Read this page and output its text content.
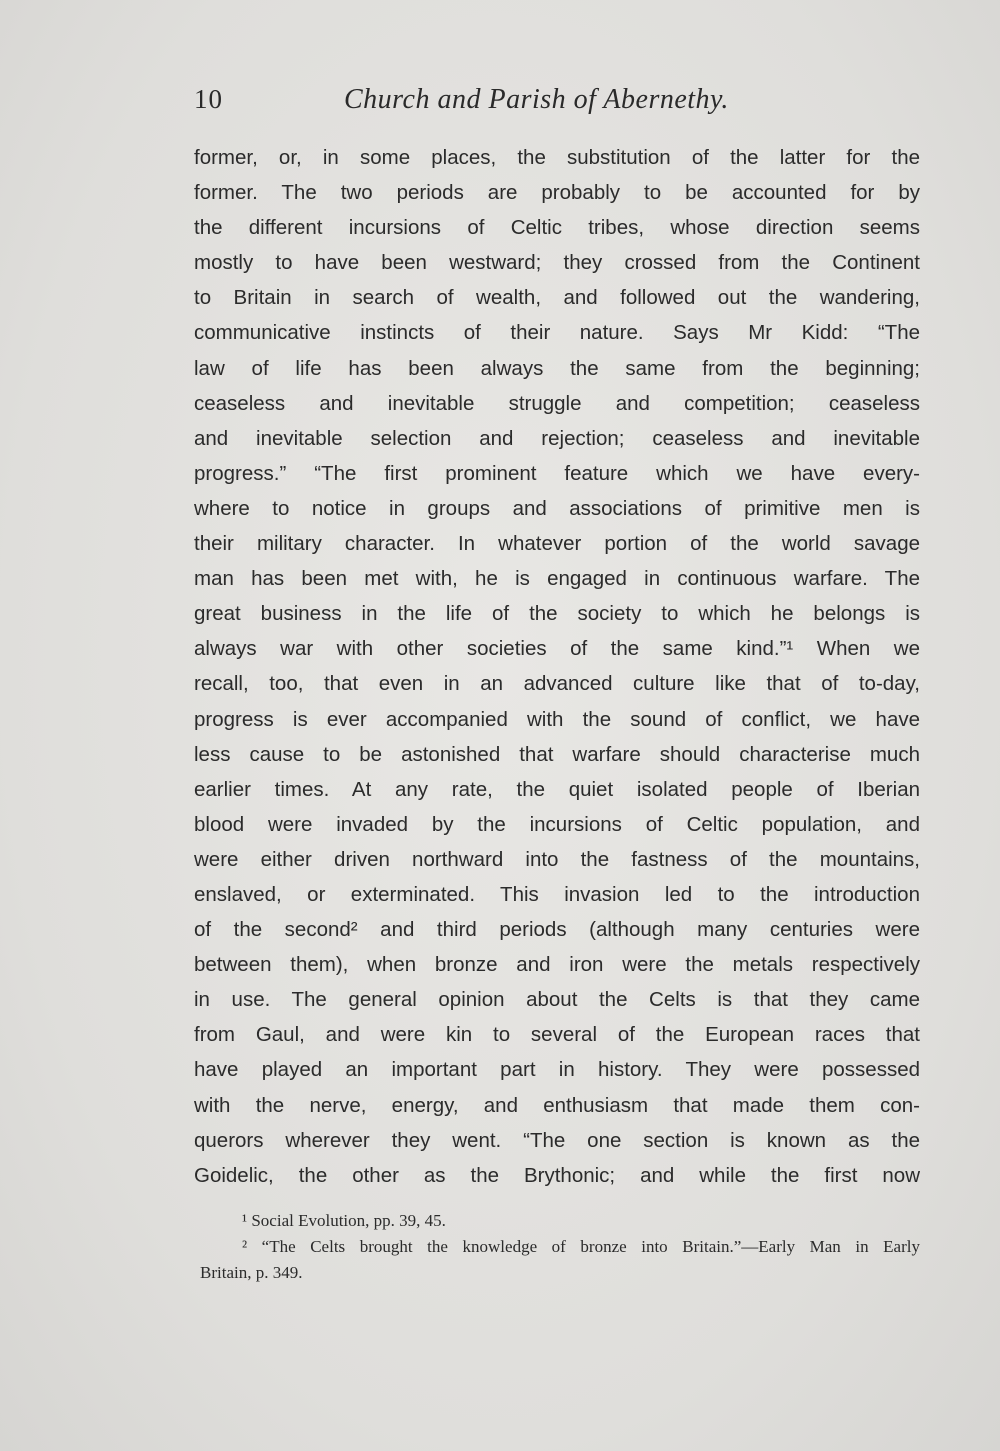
10	Church and Parish of Abernethy.
former, or, in some places, the substitution of the latter for the
former. The two periods are probably to be accounted for by
the different incursions of Celtic tribes, whose direction seems
mostly to have been westward; they crossed from the Continent
to Britain in search of wealth, and followed out the wandering,
communicative instincts of their nature. Says Mr Kidd: “The
law of life has been always the same from the beginning;
ceaseless and inevitable struggle and competition; ceaseless
and inevitable selection and rejection; ceaseless and inevitable
progress.” “The first prominent feature which we have every-
where to notice in groups and associations of primitive men is
their military character. In whatever portion of the world savage
man has been met with, he is engaged in continuous warfare. The
great business in the life of the society to which he belongs is
always war with other societies of the same kind.”¹ When we
recall, too, that even in an advanced culture like that of to-day,
progress is ever accompanied with the sound of conflict, we have
less cause to be astonished that warfare should characterise much
earlier times. At any rate, the quiet isolated people of Iberian
blood were invaded by the incursions of Celtic population, and
were either driven northward into the fastness of the mountains,
enslaved, or exterminated. This invasion led to the introduction
of the second² and third periods (although many centuries were
between them), when bronze and iron were the metals respectively
in use. The general opinion about the Celts is that they came
from Gaul, and were kin to several of the European races that
have played an important part in history. They were possessed
with the nerve, energy, and enthusiasm that made them con-
querors wherever they went. “The one section is known as the
Goidelic, the other as the Brythonic; and while the first now
¹ Social Evolution, pp. 39, 45.
² “The Celts brought the knowledge of bronze into Britain.”—Early Man in Early
Britain, p. 349.
